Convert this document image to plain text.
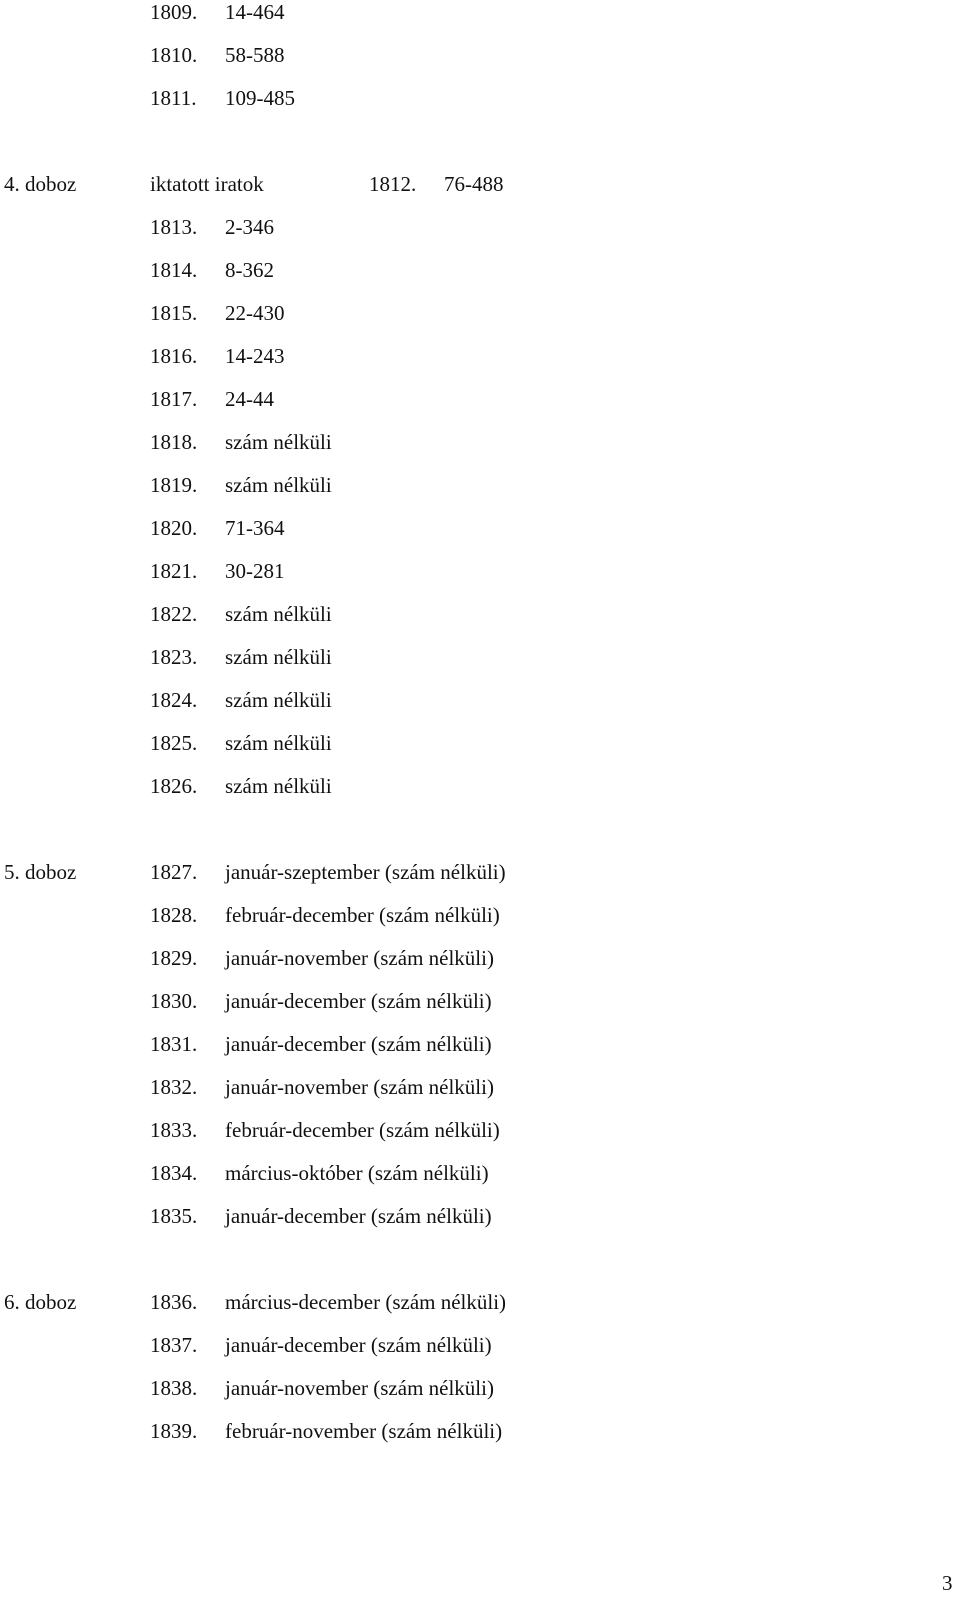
1809. 14-464
1810. 58-588
1811. 109-485
4. doboz	iktatott iratok	1812. 76-488
1813. 2-346
1814. 8-362
1815. 22-430
1816. 14-243
1817. 24-44
1818. szám nélküli
1819. szám nélküli
1820. 71-364
1821. 30-281
1822. szám nélküli
1823. szám nélküli
1824. szám nélküli
1825. szám nélküli
1826. szám nélküli
5. doboz	1827. január-szeptember (szám nélküli)
1828. február-december (szám nélküli)
1829. január-november (szám nélküli)
1830. január-december (szám nélküli)
1831. január-december (szám nélküli)
1832. január-november (szám nélküli)
1833. február-december (szám nélküli)
1834. március-október (szám nélküli)
1835. január-december (szám nélküli)
6. doboz	1836. március-december (szám nélküli)
1837. január-december (szám nélküli)
1838. január-november (szám nélküli)
1839. február-november (szám nélküli)
3
